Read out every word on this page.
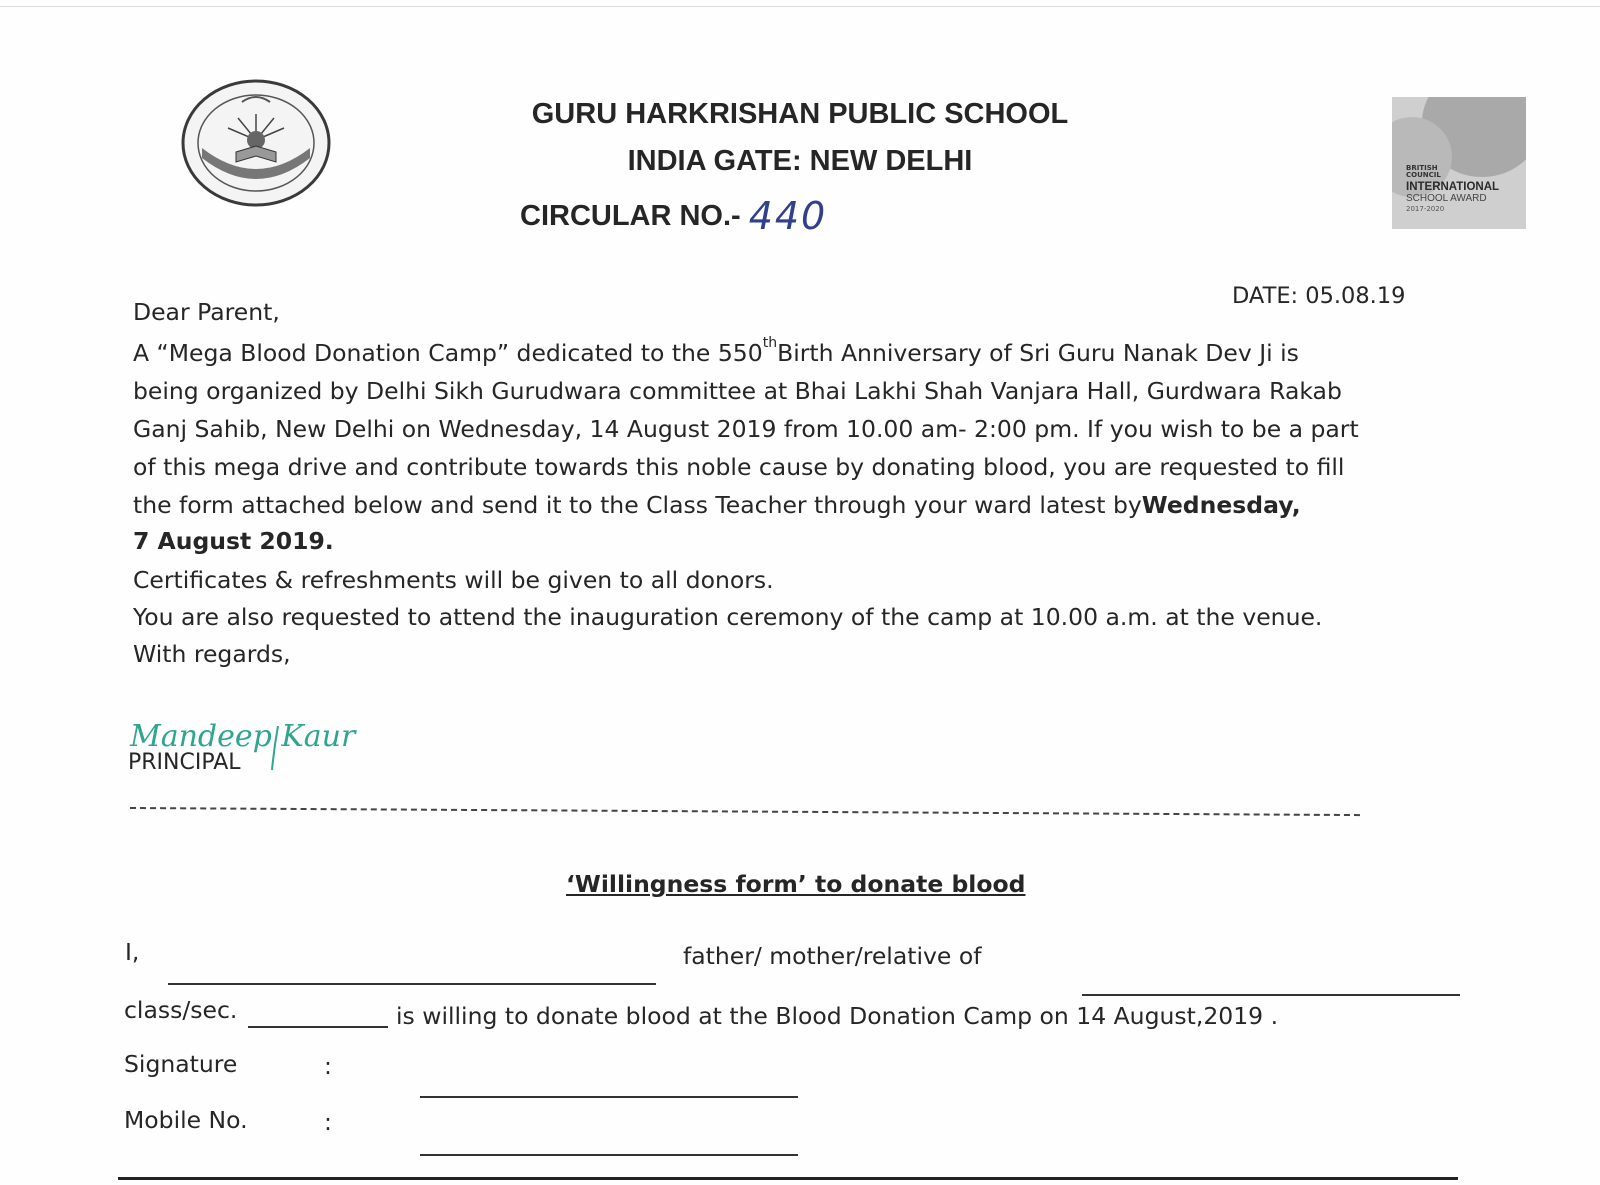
BRITISH COUNCIL
INTERNATIONAL
SCHOOL AWARD
2017-2020
GURU HARKRISHAN PUBLIC SCHOOL
INDIA GATE: NEW DELHI
CIRCULAR NO.- 440
DATE: 05.08.19
Dear Parent,
A “Mega Blood Donation Camp” dedicated to the 550thBirth Anniversary of Sri Guru Nanak Dev Ji is
being organized by Delhi Sikh Gurudwara committee at Bhai Lakhi Shah Vanjara Hall, Gurdwara Rakab
Ganj Sahib, New Delhi on Wednesday, 14 August 2019 from 10.00 am- 2:00 pm. If you wish to be a part
of this mega drive and contribute towards this noble cause by donating blood, you are requested to fill
the form attached below and send it to the Class Teacher through your ward latest byWednesday,
7 August 2019.
Certificates & refreshments will be given to all donors.
You are also requested to attend the inauguration ceremony of the camp at 10.00 a.m. at the venue.
With regards,
Mandeep Kaur
PRINCIPAL
‘Willingness form’ to donate blood
I,	father/ mother/relative of
class/sec.	is willing to donate blood at the Blood Donation Camp on 14 August,2019 .
Signature	:
Mobile No.	:
